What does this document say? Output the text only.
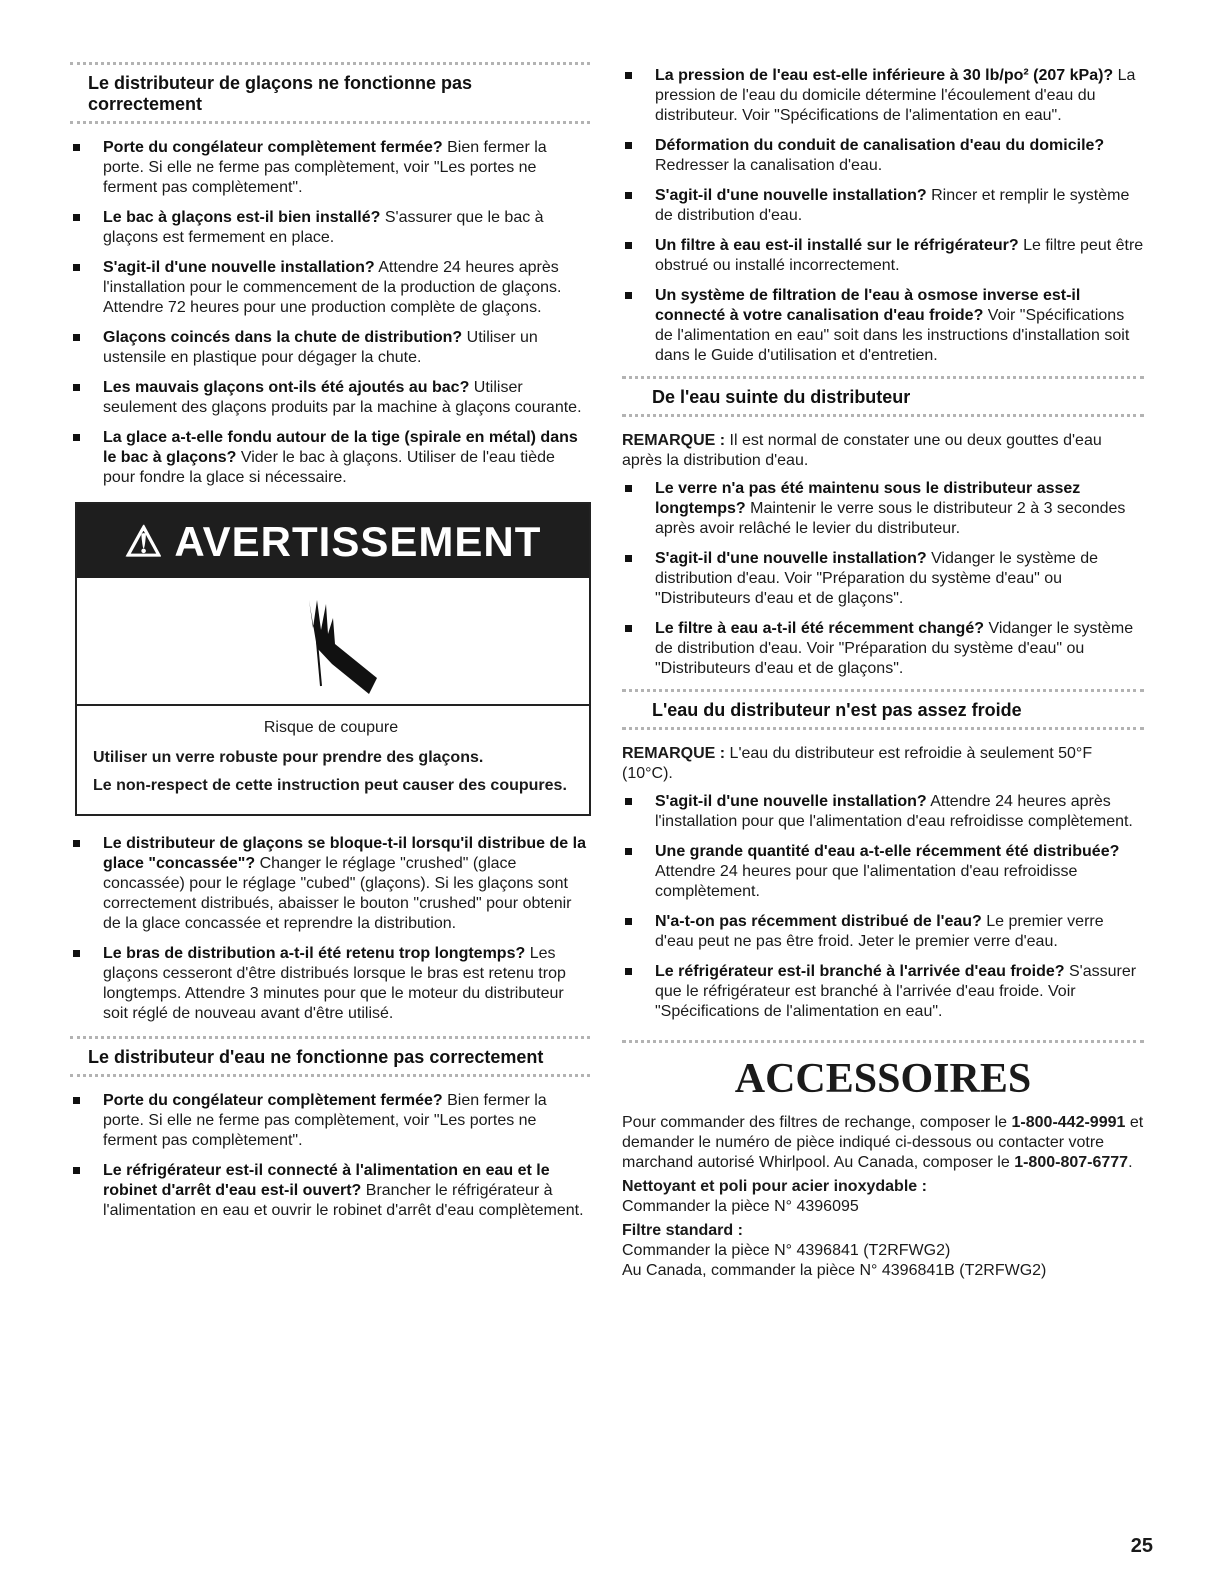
Le distributeur de glaçons ne fonctionne pas correctement
Porte du congélateur complètement fermée? Bien fermer la porte. Si elle ne ferme pas complètement, voir "Les portes ne ferment pas complètement".
Le bac à glaçons est-il bien installé? S'assurer que le bac à glaçons est fermement en place.
S'agit-il d'une nouvelle installation? Attendre 24 heures après l'installation pour le commencement de la production de glaçons. Attendre 72 heures pour une production complète de glaçons.
Glaçons coincés dans la chute de distribution? Utiliser un ustensile en plastique pour dégager la chute.
Les mauvais glaçons ont-ils été ajoutés au bac? Utiliser seulement des glaçons produits par la machine à glaçons courante.
La glace a-t-elle fondu autour de la tige (spirale en métal) dans le bac à glaçons? Vider le bac à glaçons. Utiliser de l'eau tiède pour fondre la glace si nécessaire.
⚠ AVERTISSEMENT

Risque de coupure

Utiliser un verre robuste pour prendre des glaçons.

Le non-respect de cette instruction peut causer des coupures.

Le distributeur de glaçons se bloque-t-il lorsqu'il distribue de la glace "concassée"? Changer le réglage "crushed" (glace concassée) pour le réglage "cubed" (glaçons). Si les glaçons sont correctement distribués, abaisser le bouton "crushed" pour obtenir de la glace concassée et reprendre la distribution.
Le bras de distribution a-t-il été retenu trop longtemps? Les glaçons cesseront d'être distribués lorsque le bras est retenu trop longtemps. Attendre 3 minutes pour que le moteur du distributeur soit réglé de nouveau avant d'être utilisé.
Le distributeur d'eau ne fonctionne pas correctement
Porte du congélateur complètement fermée? Bien fermer la porte. Si elle ne ferme pas complètement, voir "Les portes ne ferment pas complètement".
Le réfrigérateur est-il connecté à l'alimentation en eau et le robinet d'arrêt d'eau est-il ouvert? Brancher le réfrigérateur à l'alimentation en eau et ouvrir le robinet d'arrêt d'eau complètement.
La pression de l'eau est-elle inférieure à 30 lb/po² (207 kPa)? La pression de l'eau du domicile détermine l'écoulement d'eau du distributeur. Voir "Spécifications de l'alimentation en eau".
Déformation du conduit de canalisation d'eau du domicile? Redresser la canalisation d'eau.
S'agit-il d'une nouvelle installation? Rincer et remplir le système de distribution d'eau.
Un filtre à eau est-il installé sur le réfrigérateur? Le filtre peut être obstrué ou installé incorrectement.
Un système de filtration de l'eau à osmose inverse est-il connecté à votre canalisation d'eau froide? Voir "Spécifications de l'alimentation en eau" soit dans les instructions d'installation soit dans le Guide d'utilisation et d'entretien.
De l'eau suinte du distributeur

REMARQUE : Il est normal de constater une ou deux gouttes d'eau après la distribution d'eau.

Le verre n'a pas été maintenu sous le distributeur assez longtemps? Maintenir le verre sous le distributeur 2 à 3 secondes après avoir relâché le levier du distributeur.
S'agit-il d'une nouvelle installation? Vidanger le système de distribution d'eau. Voir "Préparation du système d'eau" ou "Distributeurs d'eau et de glaçons".
Le filtre à eau a-t-il été récemment changé? Vidanger le système de distribution d'eau. Voir "Préparation du système d'eau" ou "Distributeurs d'eau et de glaçons".
L'eau du distributeur n'est pas assez froide

REMARQUE : L'eau du distributeur est refroidie à seulement 50°F (10°C).

S'agit-il d'une nouvelle installation? Attendre 24 heures après l'installation pour que l'alimentation d'eau refroidisse complètement.
Une grande quantité d'eau a-t-elle récemment été distribuée? Attendre 24 heures pour que l'alimentation d'eau refroidisse complètement.
N'a-t-on pas récemment distribué de l'eau? Le premier verre d'eau peut ne pas être froid. Jeter le premier verre d'eau.
Le réfrigérateur est-il branché à l'arrivée d'eau froide? S'assurer que le réfrigérateur est branché à l'arrivée d'eau froide. Voir "Spécifications de l'alimentation en eau".
ACCESSOIRES

Pour commander des filtres de rechange, composer le 1-800-442-9991 et demander le numéro de pièce indiqué ci-dessous ou contacter votre marchand autorisé Whirlpool. Au Canada, composer le 1-800-807-6777.

Nettoyant et poli pour acier inoxydable :

Commander la pièce N° 4396095

Filtre standard :

Commander la pièce N° 4396841 (T2RFWG2)

Au Canada, commander la pièce N° 4396841B (T2RFWG2)

25
